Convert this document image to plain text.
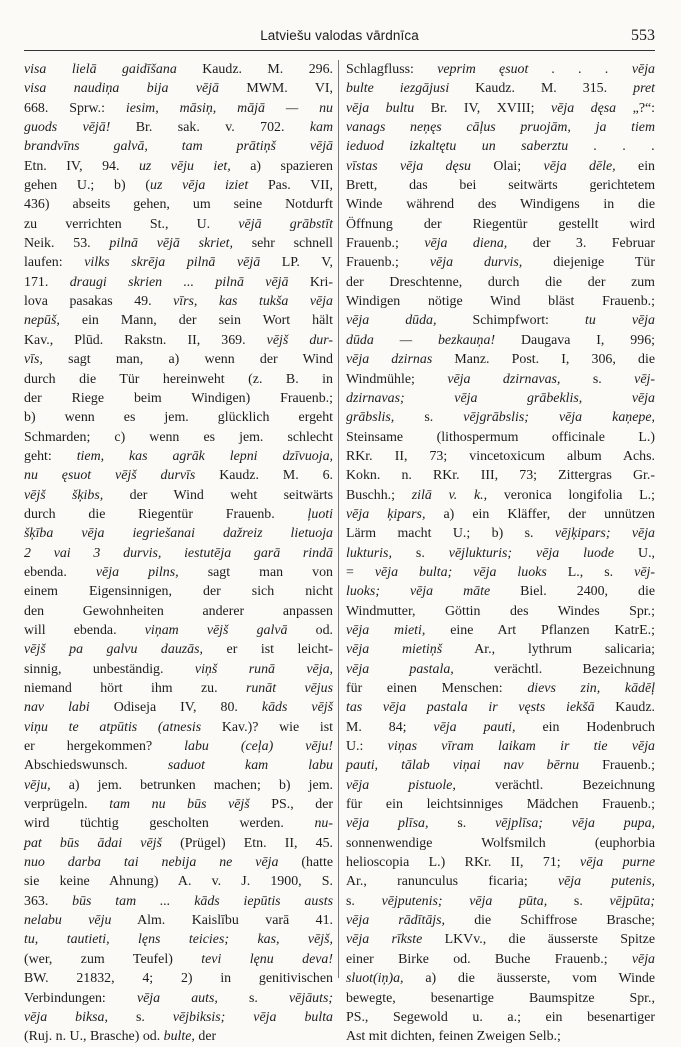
Latviešu valodas vārdnīca	553
visa lielā gaidīšana Kaudz. M. 296.
visa naudiņa bija vējā MWM. VI,
668. Sprw.: iesim, māsiņ, mājā — nu
guods vējā! Br. sak. v. 702. kam
brandvīns galvā, tam prātiņš vējā
Etn. IV, 94. uz vēju iet, a) spazieren
gehen U.; b) (uz vēja iziet Pas. VII,
436) abseits gehen, um seine Notdurft
zu verrichten St., U. vējā grābstīt
Neik. 53. pilnā vējā skriet, sehr schnell
laufen: vilks skrēja pilnā vējā LP. V,
171. draugi skrien ... pilnā vējā Kri-
lova pasakas 49. vīrs, kas tukša vēja
nepūš, ein Mann, der sein Wort hält
Kav., Plūd. Rakstn. II, 369. vējš dur-
vīs, sagt man, a) wenn der Wind
durch die Tür hereinweht (z. B. in
der Riege beim Windigen) Frauenb.;
b) wenn es jem. glücklich ergeht
Schmarden; c) wenn es jem. schlecht
geht: tiem, kas agrāk lepni dzīvuoja,
nu ęsuot vējš durvīs Kaudz. M. 6.
vējš šķibs, der Wind weht seitwärts
durch die Riegentür Frauenb. ļuoti
šķība vēja iegriešanai dažreiz lietuoja
2 vai 3 durvis, iestutēja garā rindā
ebenda. vēja pilns, sagt man von
einem Eigensinnigen, der sich nicht
den Gewohnheiten anderer anpassen
will ebenda. viņam vējš galvā od.
vējš pa galvu dauzās, er ist leicht-
sinnig, unbeständig. viņš runā vēja,
niemand hört ihm zu. runāt vējus
nav labi Odiseja IV, 80. kāds vējš
viņu te atpūtis (atnesis Kav.)? wie ist
er hergekommen? labu (ceļa) vēju!
Abschiedswunsch. saduot kam labu
vēju, a) jem. betrunken machen; b) jem.
verprügeln. tam nu būs vējš PS., der
wird tüchtig gescholten werden. nu-
pat būs ādai vējš (Prügel) Etn. II, 45.
nuo darba tai nebija ne vēja (hatte
sie keine Ahnung) A. v. J. 1900, S.
363. būs tam ... kāds iepūtis austs
nelabu vēju Alm. Kaislību varā 41.
tu, tautieti, lęns teicies; kas, vējš,
(wer, zum Teufel) tevi lęnu deva!
BW. 21832, 4; 2) in genitivischen
Verbindungen: vēja auts, s. vējāuts;
vēja biksa, s. vējbiksis; vēja bulta
(Ruj. n. U., Brasche) od. bulte, der
Schlagfluss: veprim ęsuot . . . vēja
bulte iezgājusi Kaudz. M. 315. pret
vēja bultu Br. IV, XVIII; vēja dęsa „?“:
vanags neņęs cāļus pruojām, ja tiem
ieduod izkaltętu un saberztu . . .
vīstas vēja dęsu Olai; vēja dēle, ein
Brett, das bei seitwärts gerichtetem
Winde während des Windigens in die
Öffnung der Riegentür gestellt wird
Frauenb.; vēja diena, der 3. Februar
Frauenb.; vēja durvis, diejenige Tür
der Dreschtenne, durch die der zum
Windigen nötige Wind bläst Frauenb.;
vēja dūda, Schimpfwort: tu vēja
dūda — bezkauņa! Daugava I, 996;
vēja dzirnas Manz. Post. I, 306, die
Windmühle; vēja dzirnavas, s. vēj-
dzirnavas; vēja grābeklis, vēja
grābslis, s. vējgrābslis; vēja kaņepe,
Steinsame (lithospermum officinale L.)
RKr. II, 73; vincetoxicum album Achs.
Kokn. n. RKr. III, 73; Zittergras Gr.-
Buschh.; zilā v. k., veronica longifolia L.;
vēja ķipars, a) ein Kläffer, der unnützen
Lärm macht U.; b) s. vējķipars; vēja
lukturis, s. vējlukturis; vēja luode U.,
= vēja bulta; vēja luoks L., s. vēj-
luoks; vēja māte Biel. 2400, die
Windmutter, Göttin des Windes Spr.;
vēja mieti, eine Art Pflanzen KatrE.;
vēja mietiņš Ar., lythrum salicaria;
vēja pastala, verächtl. Bezeichnung
für einen Menschen: dievs zin, kādēļ
tas vēja pastala ir vęsts iekšā Kaudz.
M. 84; vēja pauti, ein Hodenbruch
U.: viņas vīram laikam ir tie vēja
pauti, tālab viņai nav bērnu Frauenb.;
vēja pistuole, verächtl. Bezeichnung
für ein leichtsinniges Mädchen Frauenb.;
vēja plīsa, s. vējplīsa; vēja pupa,
sonnenwendige Wolfsmilch (euphorbia
helioscopia L.) RKr. II, 71; vēja purne
Ar., ranunculus ficaria; vēja putenis,
s. vējputenis; vēja pūta, s. vējpūta;
vēja rādītājs, die Schiffrose Brasche;
vēja rīkste LKVv., die äusserste Spitze
einer Birke od. Buche Frauenb.; vēja
sluot(iņ)a, a) die äusserste, vom Winde
bewegte, besenartige Baumspitze Spr.,
PS., Segewold u. a.; ein besenartiger
Ast mit dichten, feinen Zweigen Selb.;
